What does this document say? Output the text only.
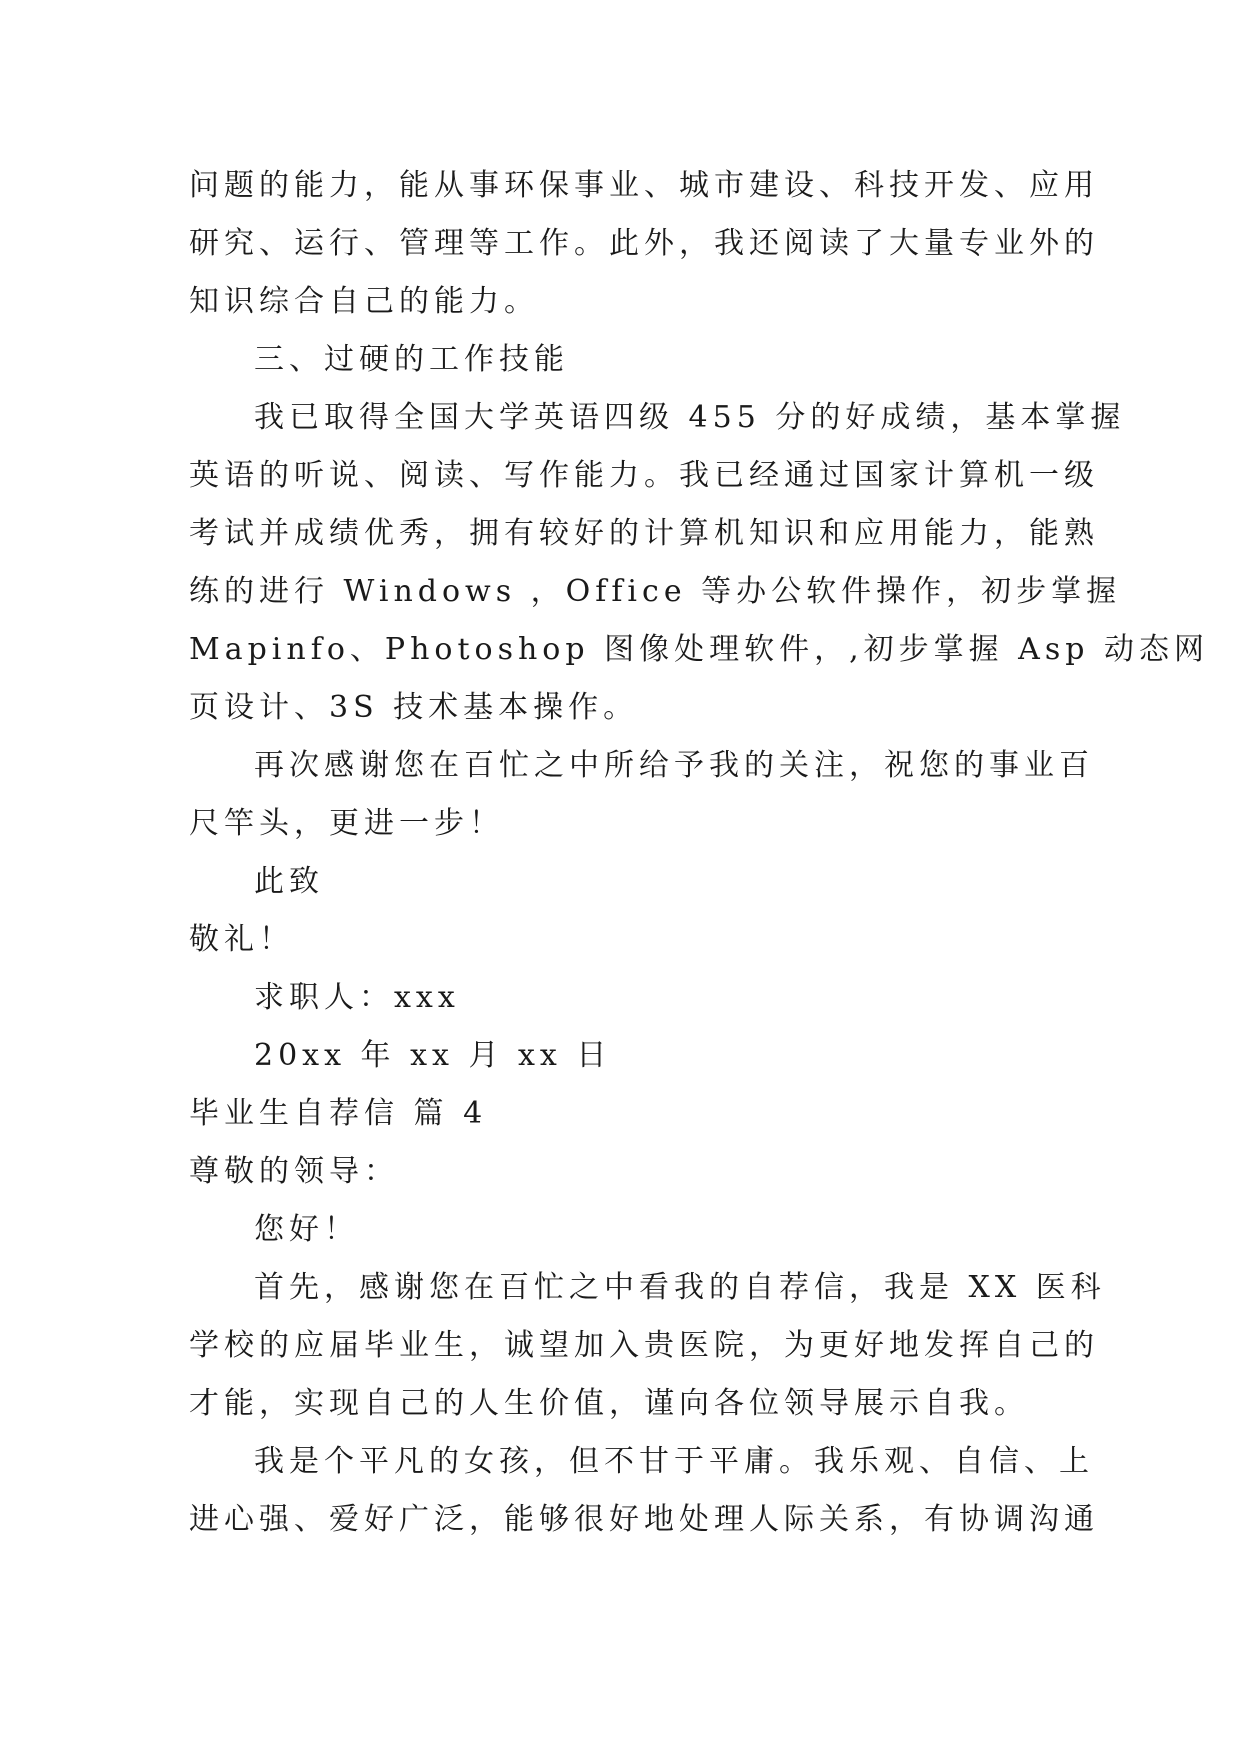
问题的能力，能从事环保事业、城市建设、科技开发、应用
研究、运行、管理等工作。此外，我还阅读了大量专业外的
知识综合自己的能力。
三、过硬的工作技能
我已取得全国大学英语四级 455 分的好成绩，基本掌握
英语的听说、阅读、写作能力。我已经通过国家计算机一级
考试并成绩优秀，拥有较好的计算机知识和应用能力，能熟
练的进行 Windows ，Office 等办公软件操作，初步掌握
Mapinfo、Photoshop 图像处理软件，,初步掌握 Asp 动态网
页设计、3S 技术基本操作。
再次感谢您在百忙之中所给予我的关注，祝您的事业百
尺竿头，更进一步！
此致
敬礼！
求职人：xxx
20xx 年 xx 月 xx 日
毕业生自荐信 篇 4
尊敬的领导：
您好！
首先，感谢您在百忙之中看我的自荐信，我是 XX 医科
学校的应届毕业生，诚望加入贵医院，为更好地发挥自己的
才能，实现自己的人生价值，谨向各位领导展示自我。
我是个平凡的女孩，但不甘于平庸。我乐观、自信、上
进心强、爱好广泛，能够很好地处理人际关系，有协调沟通
